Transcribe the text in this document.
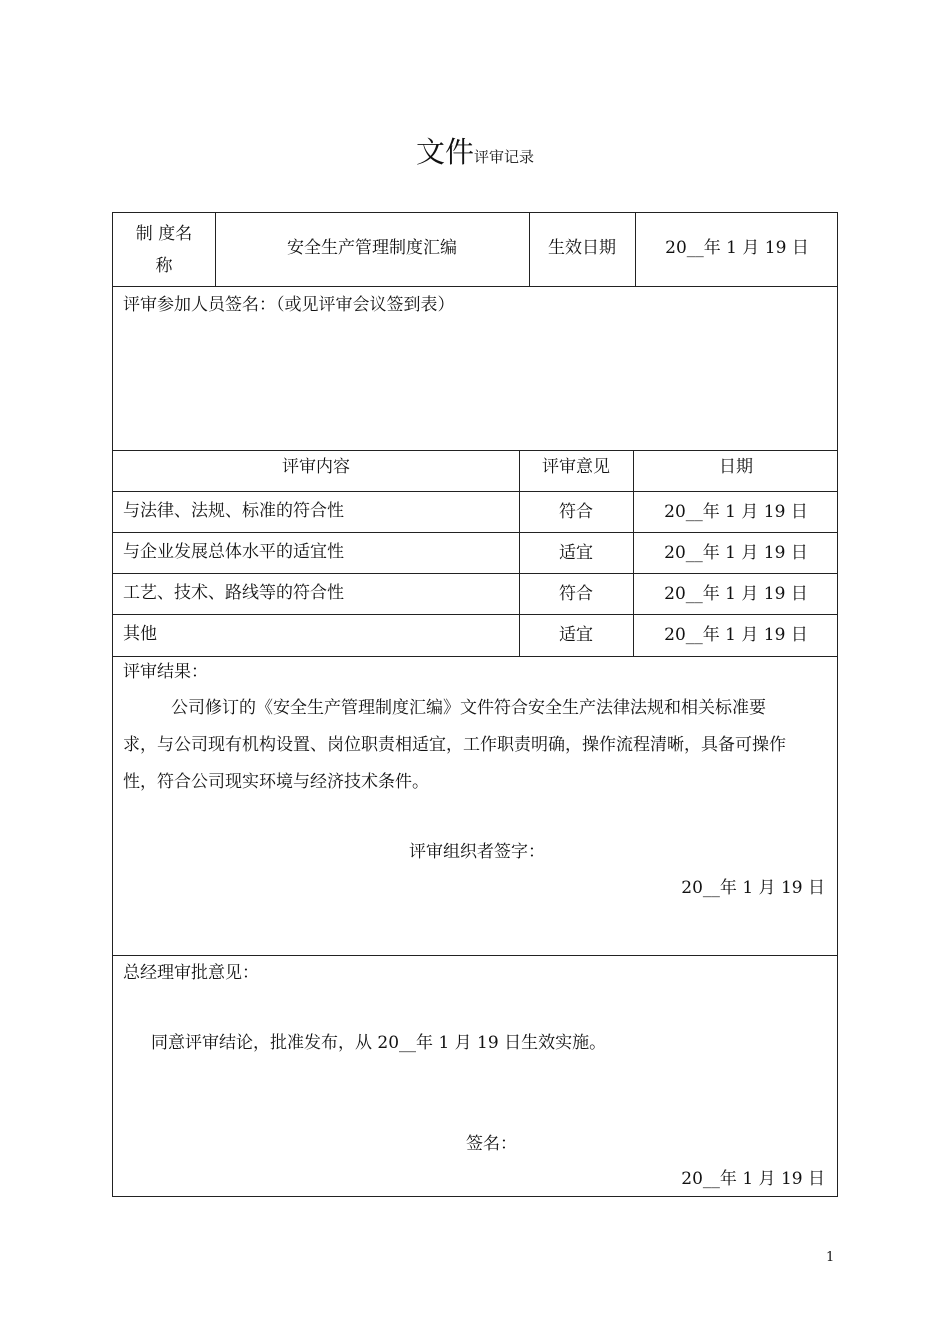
文件评审记录
制 度名
称
安全生产管理制度汇编	生效日期	20__年 1 月 19 日
评审参加人员签名：（或见评审会议签到表）
评审内容	评审意见	日期
与法律、法规、标准的符合性	符合	20__年 1 月 19 日
与企业发展总体水平的适宜性	适宜	20__年 1 月 19 日
工艺、技术、路线等的符合性	符合	20__年 1 月 19 日
其他	适宜	20__年 1 月 19 日
评审结果：
公司修订的《安全生产管理制度汇编》文件符合安全生产法律法规和相关标准要
求，与公司现有机构设置、岗位职责相适宜，工作职责明确，操作流程清晰，具备可操作
性，符合公司现实环境与经济技术条件。
评审组织者签字：
20__年 1 月 19 日
总经理审批意见：
同意评审结论，批准发布，从 20__年 1 月 19 日生效实施。
签名：
20__年 1 月 19 日
1
